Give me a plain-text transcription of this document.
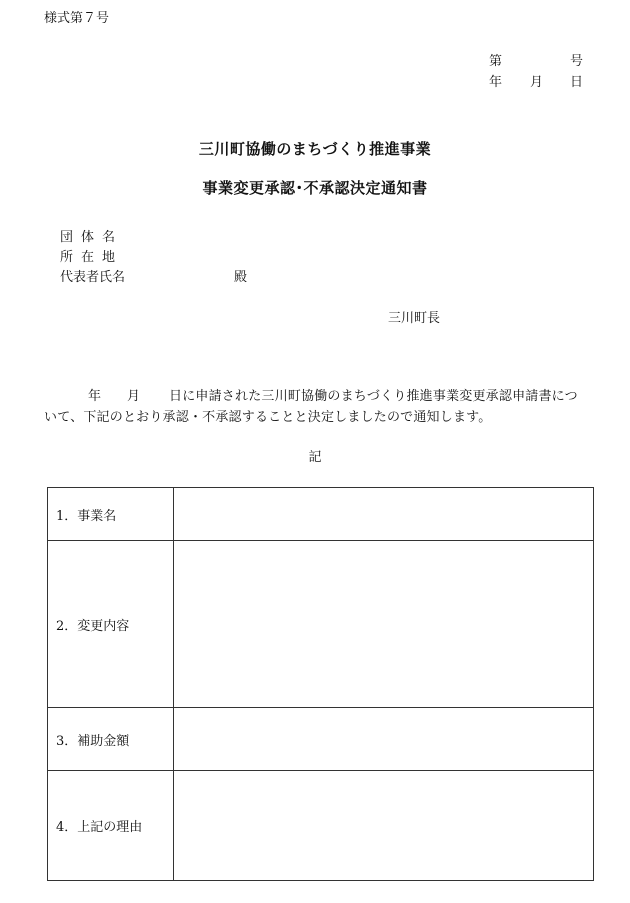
様式第７号
第	号
年 月 日
三川町協働のまちづくり推進事業
事業変更承認･不承認決定通知書
団体名
所在地
代表者氏名	殿
三川町長
年 月 日に申請された三川町協働のまちづくり推進事業変更承認申請書につ
いて、下記のとおり承認・不承認することと決定しましたので通知します。
記
1．事業名	
2．変更内容	
3．補助金額	
4．上記の理由	
